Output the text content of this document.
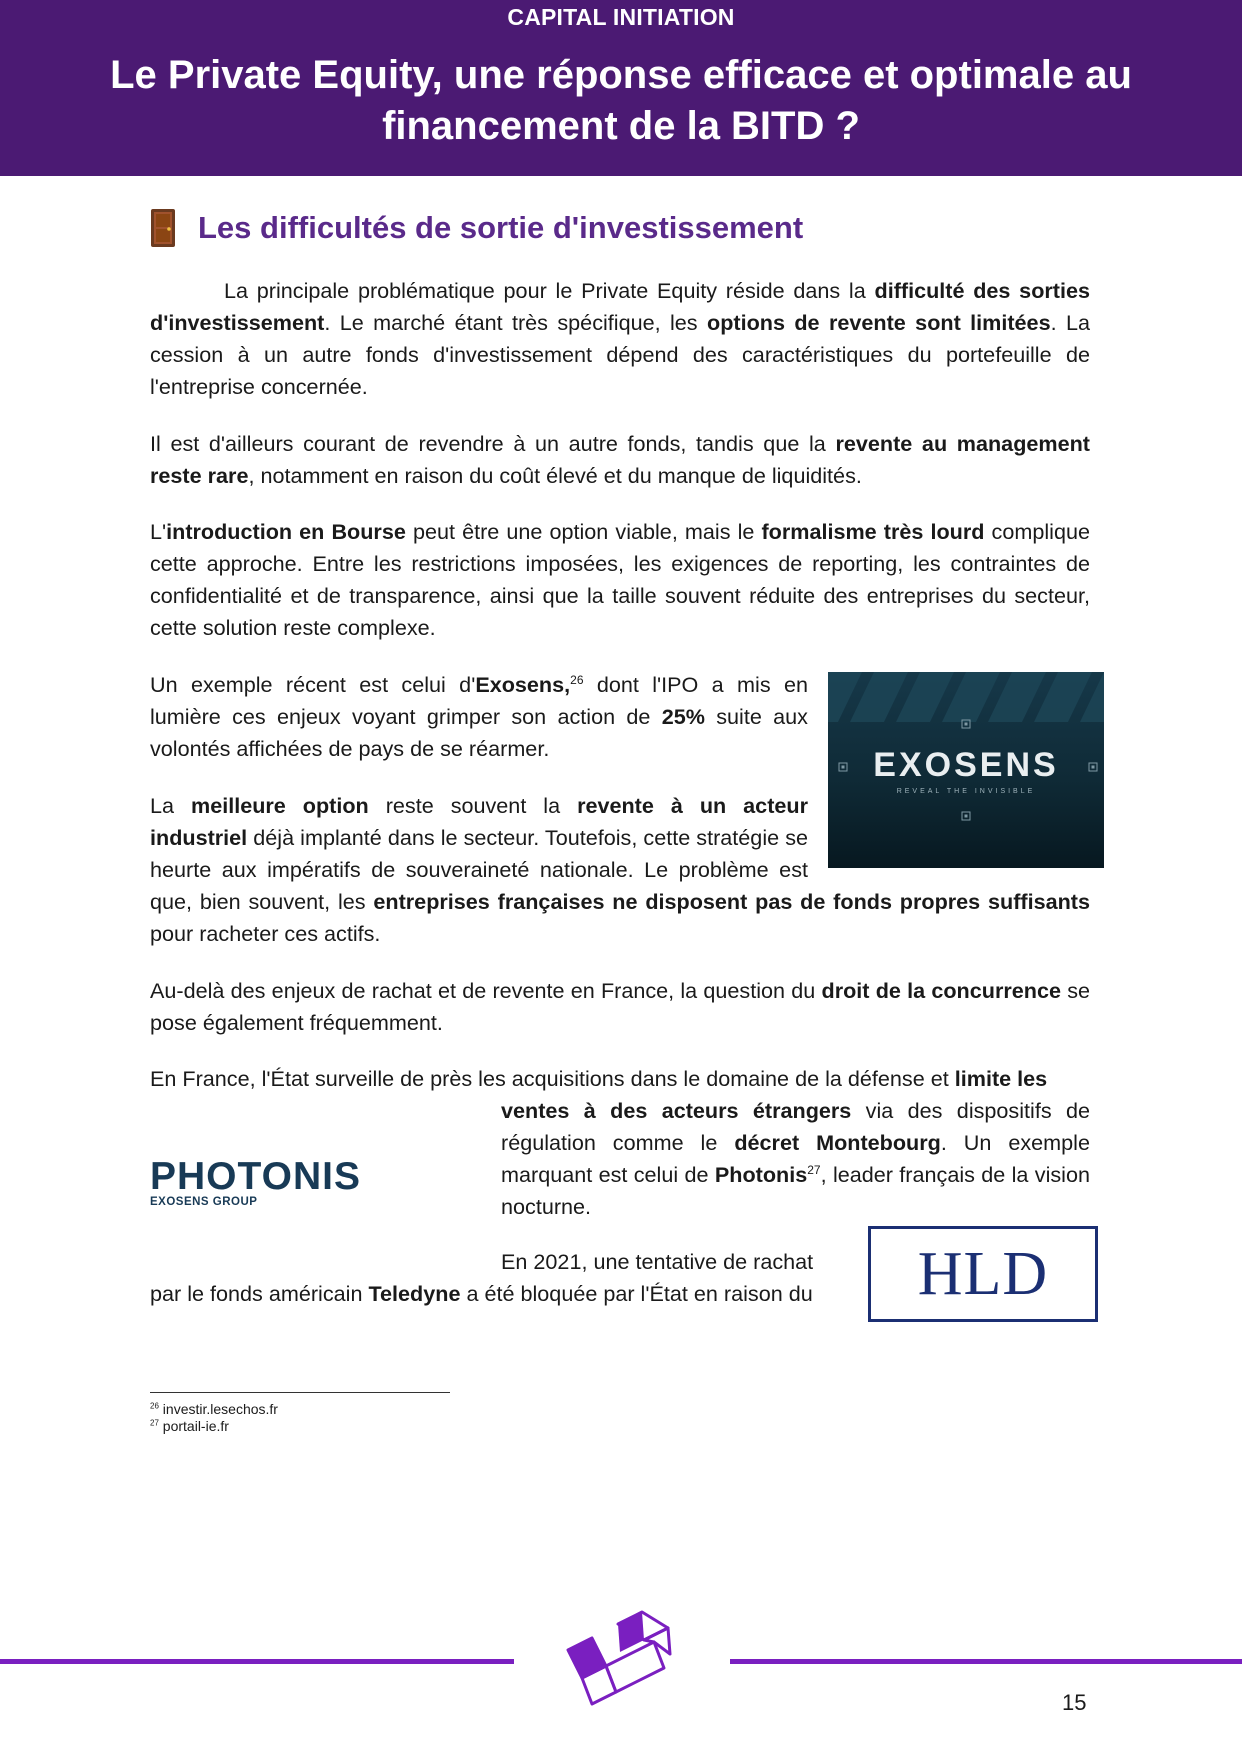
CAPITAL INITIATION
Le Private Equity, une réponse efficace et optimale au financement de la BITD ?
Les difficultés de sortie d'investissement

La principale problématique pour le Private Equity réside dans la difficulté des sorties d'investissement. Le marché étant très spécifique, les options de revente sont limitées. La cession à un autre fonds d'investissement dépend des caractéristiques du portefeuille de l'entreprise concernée.

Il est d'ailleurs courant de revendre à un autre fonds, tandis que la revente au management reste rare, notamment en raison du coût élevé et du manque de liquidités.

L'introduction en Bourse peut être une option viable, mais le formalisme très lourd complique cette approche. Entre les restrictions imposées, les exigences de reporting, les contraintes de confidentialité et de transparence, ainsi que la taille souvent réduite des entreprises du secteur, cette solution reste complexe.

Un exemple récent est celui d'Exosens,$^{26}$ dont l'IPO a mis en lumière ces enjeux voyant grimper son action de 25% suite aux volontés affichées de pays de se réarmer.	EXOSENS
REVEAL THE INVISIBLE

La meilleure option reste souvent la revente à un acteur industriel déjà implanté dans le secteur. Toutefois, cette stratégie se heurte aux impératifs de souveraineté nationale. Le problème est que, bien souvent, les entreprises françaises ne disposent pas de fonds propres suffisants pour racheter ces actifs.

Au-delà des enjeux de rachat et de revente en France, la question du droit de la concurrence se pose également fréquemment.

En France, l'État surveille de près les acquisitions dans le domaine de la défense et limite les

ventes à des acteurs étrangers via des dispositifs de régulation comme le décret Montebourg. Un exemple marquant est celui de Photonis$^{27}$, leader français de la vision nocturne.

PHOTONIS
EXOSENS GROUP

En 2021, une tentative de rachat

par le fonds américain Teledyne a été bloquée par l'État en raison du	HLD
$^{26}$ investir.lesechos.fr
$^{27}$ portail-ie.fr
15
